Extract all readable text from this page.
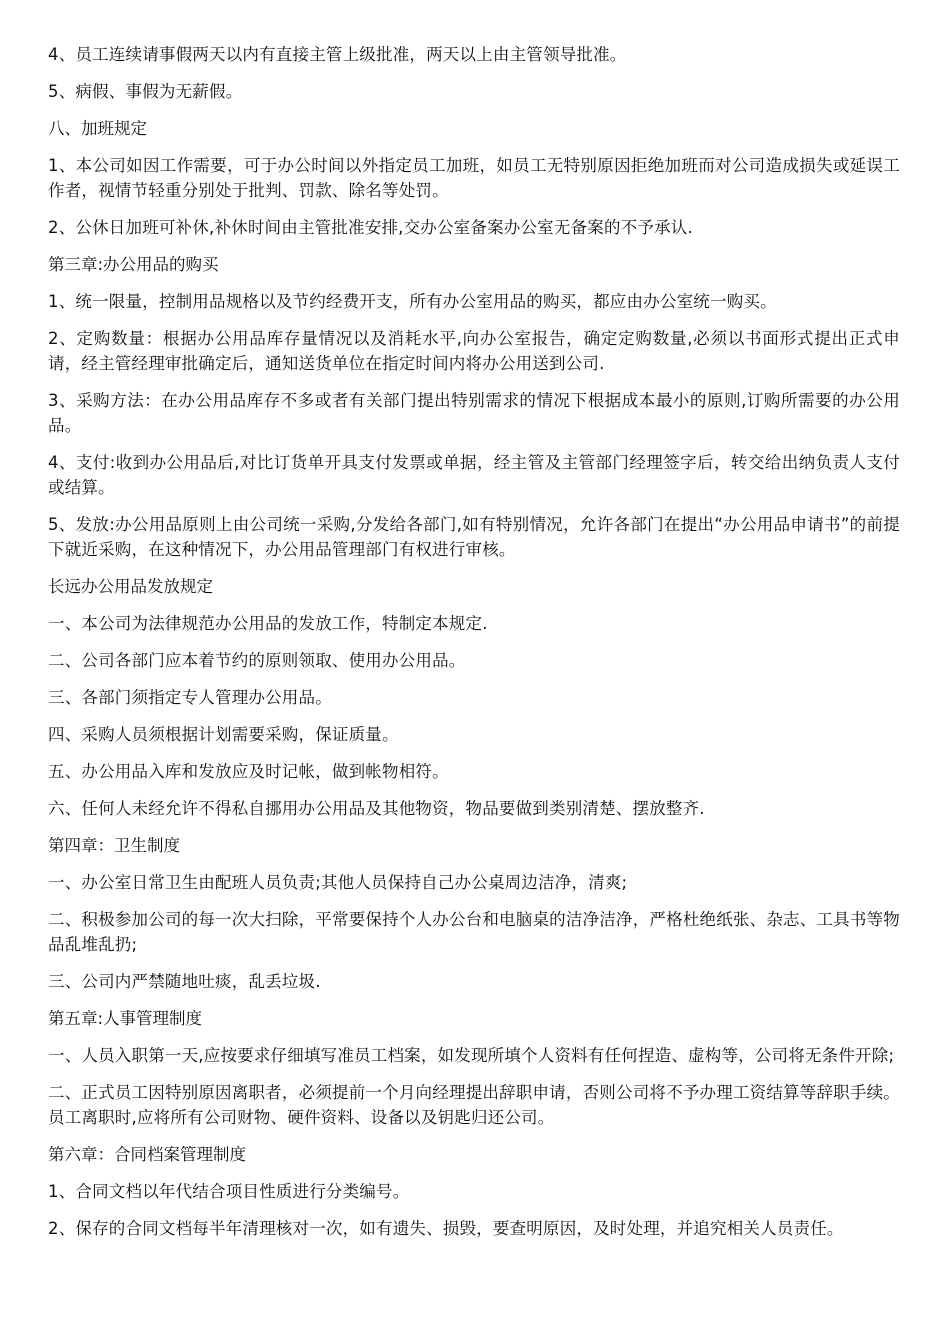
4、员工连续请事假两天以内有直接主管上级批准，两天以上由主管领导批准。

5、病假、事假为无薪假。

八、加班规定

1、本公司如因工作需要，可于办公时间以外指定员工加班，如员工无特别原因拒绝加班而对公司造成损失或延误工作者，视情节轻重分别处于批判、罚款、除名等处罚。

2、公休日加班可补休,补休时间由主管批准安排,交办公室备案办公室无备案的不予承认.

第三章:办公用品的购买

1、统一限量，控制用品规格以及节约经费开支，所有办公室用品的购买，都应由办公室统一购买。

2、定购数量：根据办公用品库存量情况以及消耗水平,向办公室报告，确定定购数量,必须以书面形式提出正式申请，经主管经理审批确定后，通知送货单位在指定时间内将办公用送到公司.

3、采购方法：在办公用品库存不多或者有关部门提出特别需求的情况下根据成本最小的原则,订购所需要的办公用品。

4、支付:收到办公用品后,对比订货单开具支付发票或单据，经主管及主管部门经理签字后，转交给出纳负责人支付或结算。

5、发放:办公用品原则上由公司统一采购,分发给各部门,如有特别情况，允许各部门在提出“办公用品申请书”的前提下就近采购，在这种情况下，办公用品管理部门有权进行审核。

长远办公用品发放规定

一、本公司为法律规范办公用品的发放工作，特制定本规定.

二、公司各部门应本着节约的原则领取、使用办公用品。

三、各部门须指定专人管理办公用品。

四、采购人员须根据计划需要采购，保证质量。

五、办公用品入库和发放应及时记帐，做到帐物相符。

六、任何人未经允许不得私自挪用办公用品及其他物资，物品要做到类别清楚、摆放整齐.

第四章：卫生制度

一、办公室日常卫生由配班人员负责;其他人员保持自己办公桌周边洁净，清爽;

二、积极参加公司的每一次大扫除，平常要保持个人办公台和电脑桌的洁净洁净，严格杜绝纸张、杂志、工具书等物品乱堆乱扔;

三、公司内严禁随地吐痰，乱丢垃圾.

第五章:人事管理制度

一、人员入职第一天,应按要求仔细填写准员工档案，如发现所填个人资料有任何捏造、虚构等，公司将无条件开除;

二、正式员工因特别原因离职者，必须提前一个月向经理提出辞职申请，否则公司将不予办理工资结算等辞职手续。员工离职时,应将所有公司财物、硬件资料、设备以及钥匙归还公司。

第六章：合同档案管理制度

1、合同文档以年代结合项目性质进行分类编号。

2、保存的合同文档每半年清理核对一次，如有遗失、损毁，要查明原因，及时处理，并追究相关人员责任。
